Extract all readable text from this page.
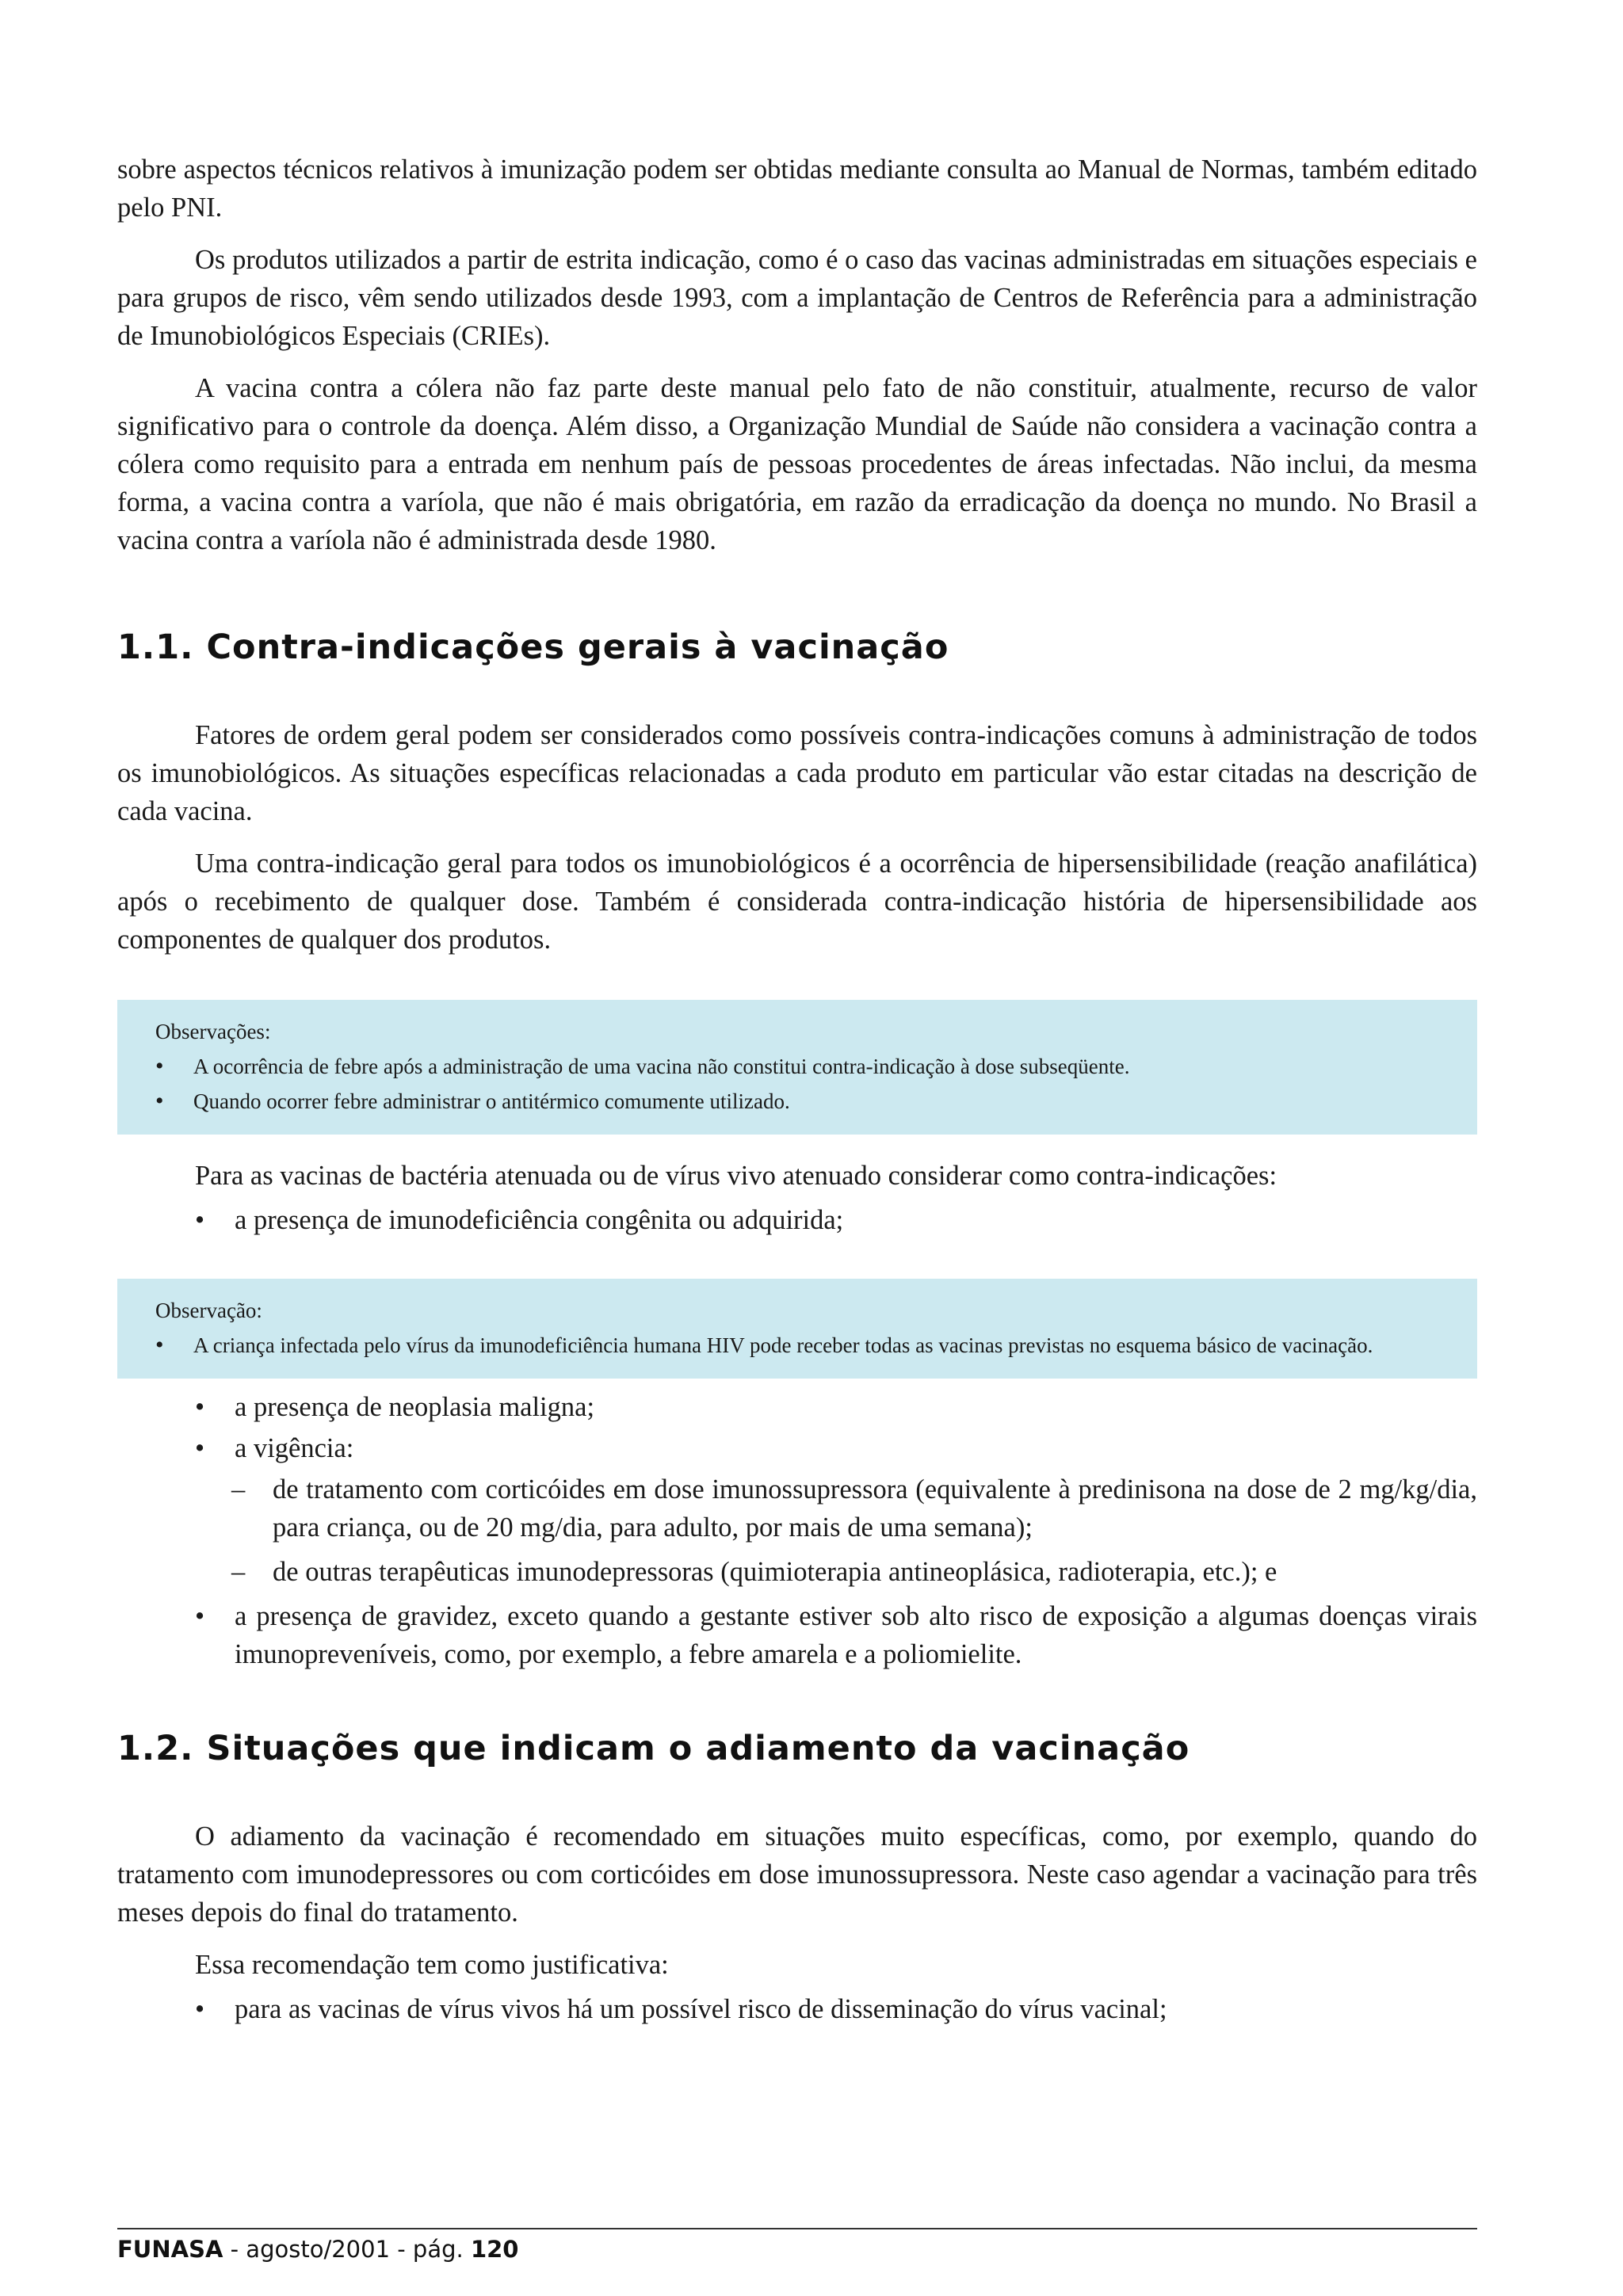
sobre aspectos técnicos relativos à imunização podem ser obtidas mediante consulta ao Manual de Normas, também editado pelo PNI.

Os produtos utilizados a partir de estrita indicação, como é o caso das vacinas administradas em situações especiais e para grupos de risco, vêm sendo utilizados desde 1993, com a implantação de Centros de Referência para a administração de Imunobiológicos Especiais (CRIEs).

A vacina contra a cólera não faz parte deste manual pelo fato de não constituir, atualmente, recurso de valor significativo para o controle da doença. Além disso, a Organização Mundial de Saúde não considera a vacinação contra a cólera como requisito para a entrada em nenhum país de pessoas procedentes de áreas infectadas. Não inclui, da mesma forma, a vacina contra a varíola, que não é mais obrigatória, em razão da erradicação da doença no mundo. No Brasil a vacina contra a varíola não é administrada desde 1980.

1.1. Contra-indicações gerais à vacinação

Fatores de ordem geral podem ser considerados como possíveis contra-indicações comuns à administração de todos os imunobiológicos. As situações específicas relacionadas a cada produto em particular vão estar citadas na descrição de cada vacina.

Uma contra-indicação geral para todos os imunobiológicos é a ocorrência de hipersensibilidade (reação anafilática) após o recebimento de qualquer dose. Também é considerada contra-indicação história de hipersensibilidade aos componentes de qualquer dos produtos.

Observações:
• A ocorrência de febre após a administração de uma vacina não constitui contra-indicação à dose subseqüente.
• Quando ocorrer febre administrar o antitérmico comumente utilizado.

Para as vacinas de bactéria atenuada ou de vírus vivo atenuado considerar como contra-indicações:

• a presença de imunodeficiência congênita ou adquirida;
Observação:
• A criança infectada pelo vírus da imunodeficiência humana HIV pode receber todas as vacinas previstas no esquema básico de vacinação.
• a presença de neoplasia maligna;
• a vigência:
– de tratamento com corticóides em dose imunossupressora (equivalente à predinisona na dose de 2 mg/kg/dia, para criança, ou de 20 mg/dia, para adulto, por mais de uma semana);
– de outras terapêuticas imunodepressoras (quimioterapia antineoplásica, radioterapia, etc.); e
• a presença de gravidez, exceto quando a gestante estiver sob alto risco de exposição a algumas doenças virais imunopreveníveis, como, por exemplo, a febre amarela e a poliomielite.
1.2. Situações que indicam o adiamento da vacinação

O adiamento da vacinação é recomendado em situações muito específicas, como, por exemplo, quando do tratamento com imunodepressores ou com corticóides em dose imunossupressora. Neste caso agendar a vacinação para três meses depois do final do tratamento.

Essa recomendação tem como justificativa:

• para as vacinas de vírus vivos há um possível risco de disseminação do vírus vacinal;
FUNASA - agosto/2001 - pág. 120
